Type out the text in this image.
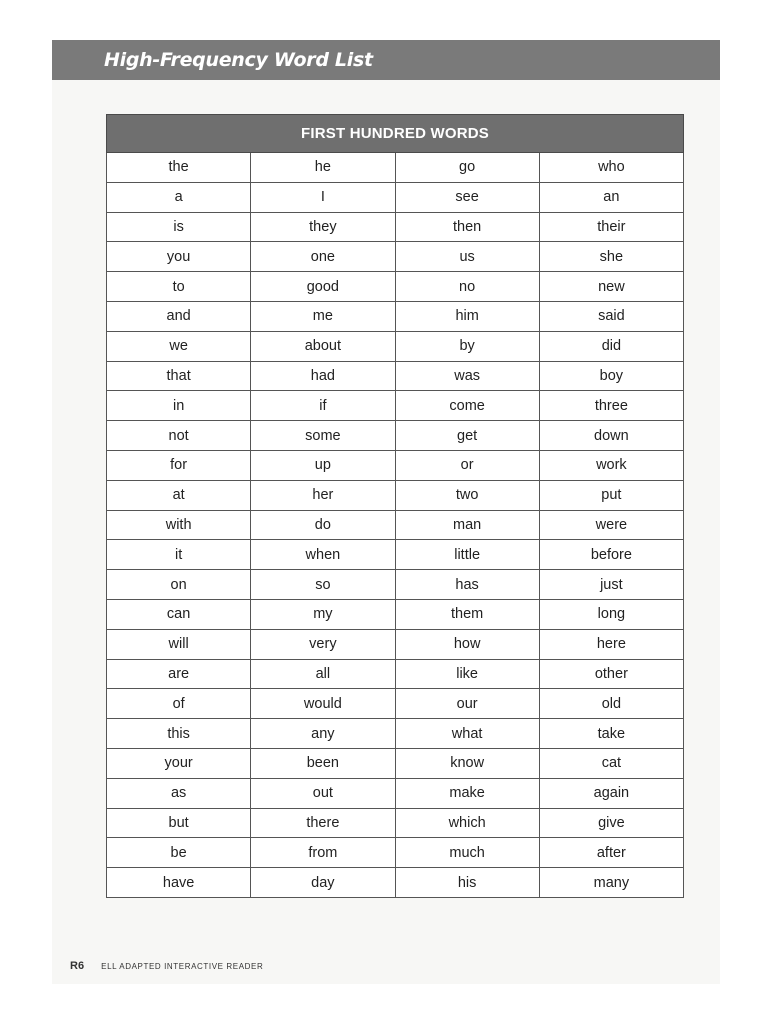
High-Frequency Word List
FIRST HUNDRED WORDS			
the	he	go	who
a	I	see	an
is	they	then	their
you	one	us	she
to	good	no	new
and	me	him	said
we	about	by	did
that	had	was	boy
in	if	come	three
not	some	get	down
for	up	or	work
at	her	two	put
with	do	man	were
it	when	little	before
on	so	has	just
can	my	them	long
will	very	how	here
are	all	like	other
of	would	our	old
this	any	what	take
your	been	know	cat
as	out	make	again
but	there	which	give
be	from	much	after
have	day	his	many
R6 ELL ADAPTED INTERACTIVE READER
